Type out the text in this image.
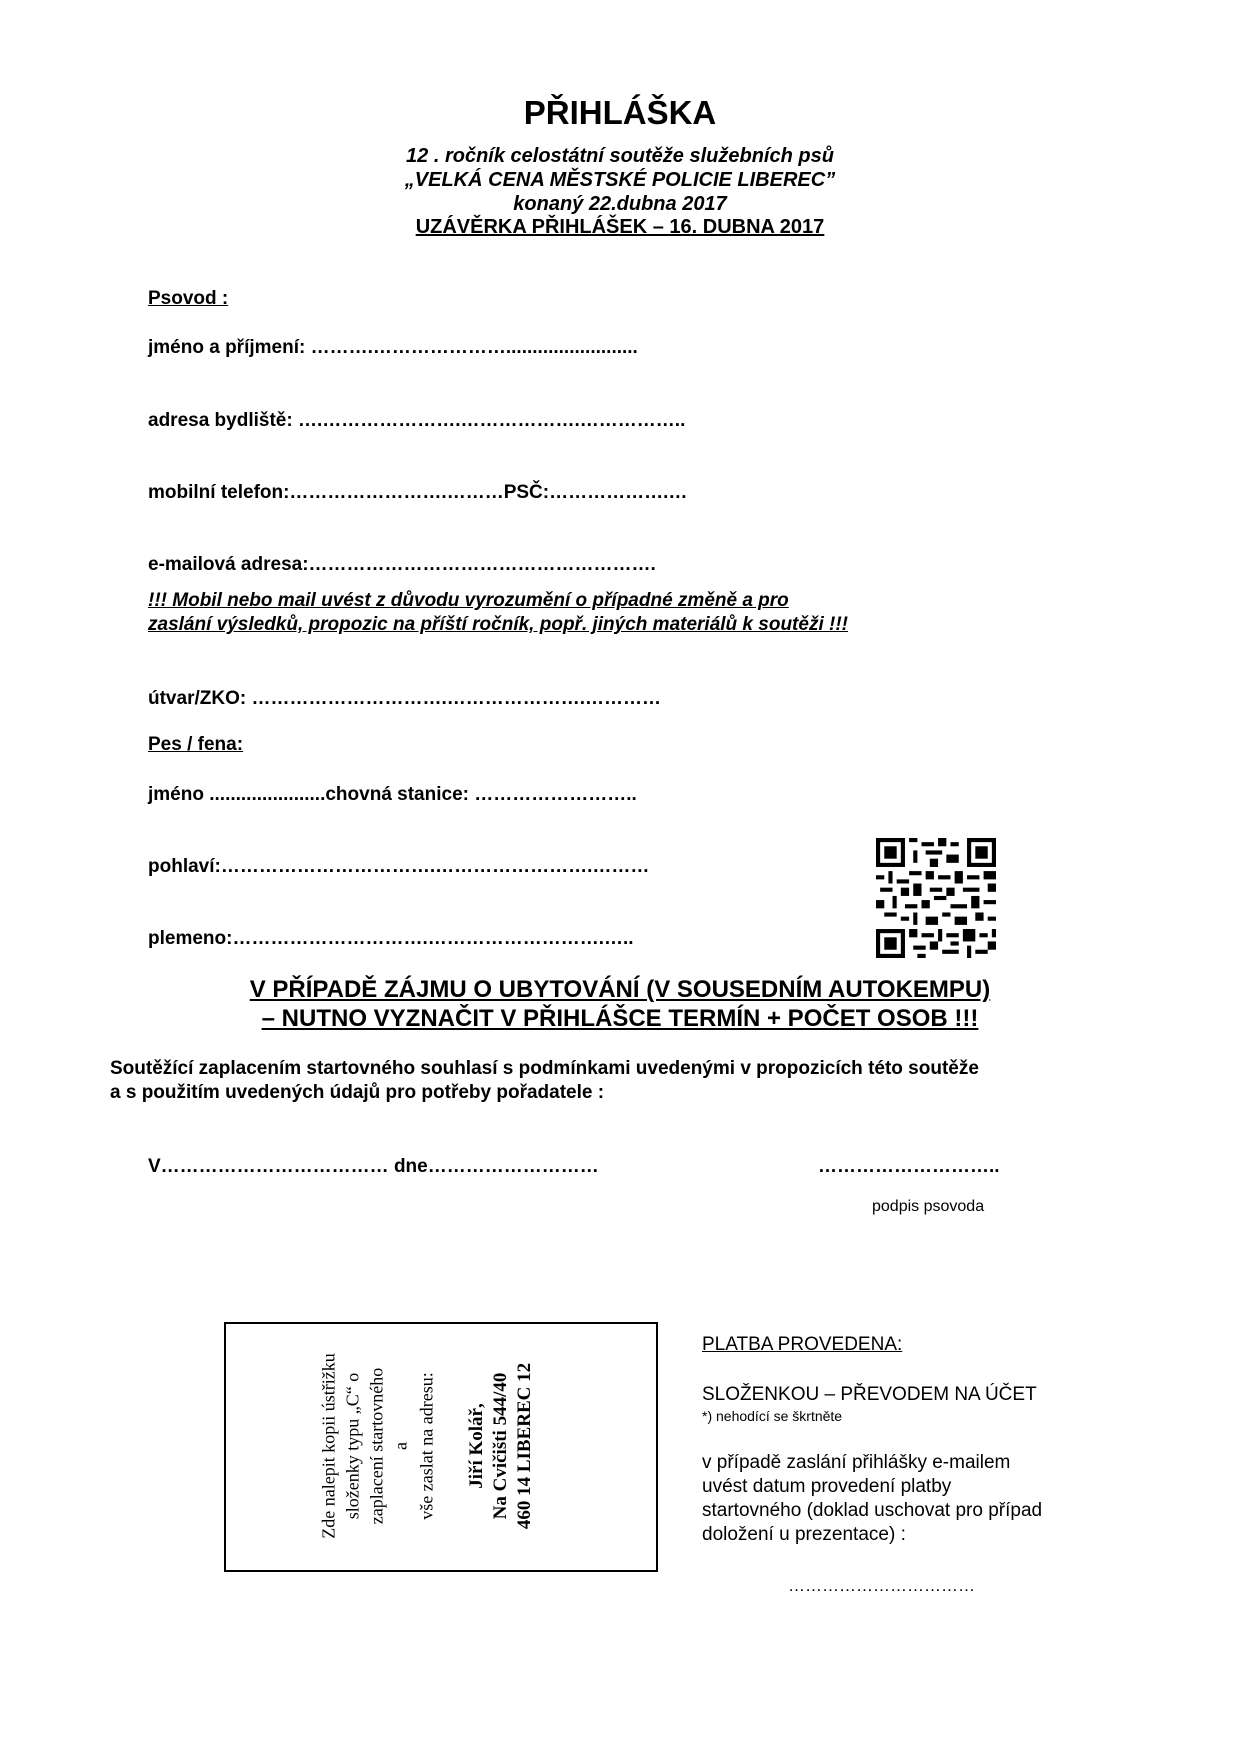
PŘIHLÁŠKA
12 . ročník celostátní soutěže služebních psů
„VELKÁ CENA MĚSTSKÉ POLICIE LIBEREC”
konaný 22.dubna 2017
UZÁVĚRKA PŘIHLÁŠEK – 16. DUBNA 2017
Psovod :
jméno a příjmení: ……….………………….........................
adresa bydliště: ….………………….……………….……………..
mobilní telefon:…………………….………PSČ:……………….…
e-mailová adresa:……………………………………………….
!!! Mobil nebo mail uvést z důvodu vyrozumění o případné změně a pro
zaslání výsledků, propozic na příští ročník, popř. jiných materiálů k soutěži !!!
útvar/ZKO: ………………………….………………….…………
Pes / fena:
jméno ......................chovná stanice: ……………………..
pohlaví:…………………………….…………………….………
plemeno:………………………….……………………….…..
V PŘÍPADĚ ZÁJMU O UBYTOVÁNÍ (V SOUSEDNÍM AUTOKEMPU)
– NUTNO VYZNAČIT V PŘIHLÁŠCE TERMÍN + POČET OSOB !!!
Soutěžící zaplacením startovného souhlasí s podmínkami uvedenými v propozicích této soutěže
a s použitím uvedených údajů pro potřeby pořadatele :
V……………………………… dne………………………	………………………..
podpis psovoda
Zde nalepit kopii ústřižku složenky typu „C“ o zaplacení startovného a vše zaslat na adresu: Jiří Kolář, Na Cvičišti 544/40 460 14 LIBEREC 12
PLATBA PROVEDENA:
SLOŽENKOU – PŘEVODEM NA ÚČET
*) nehodící se škrtněte
v případě zaslání přihlášky e-mailem
uvést datum provedení platby
startovného (doklad uschovat pro případ
doložení u prezentace) :
……………………………
